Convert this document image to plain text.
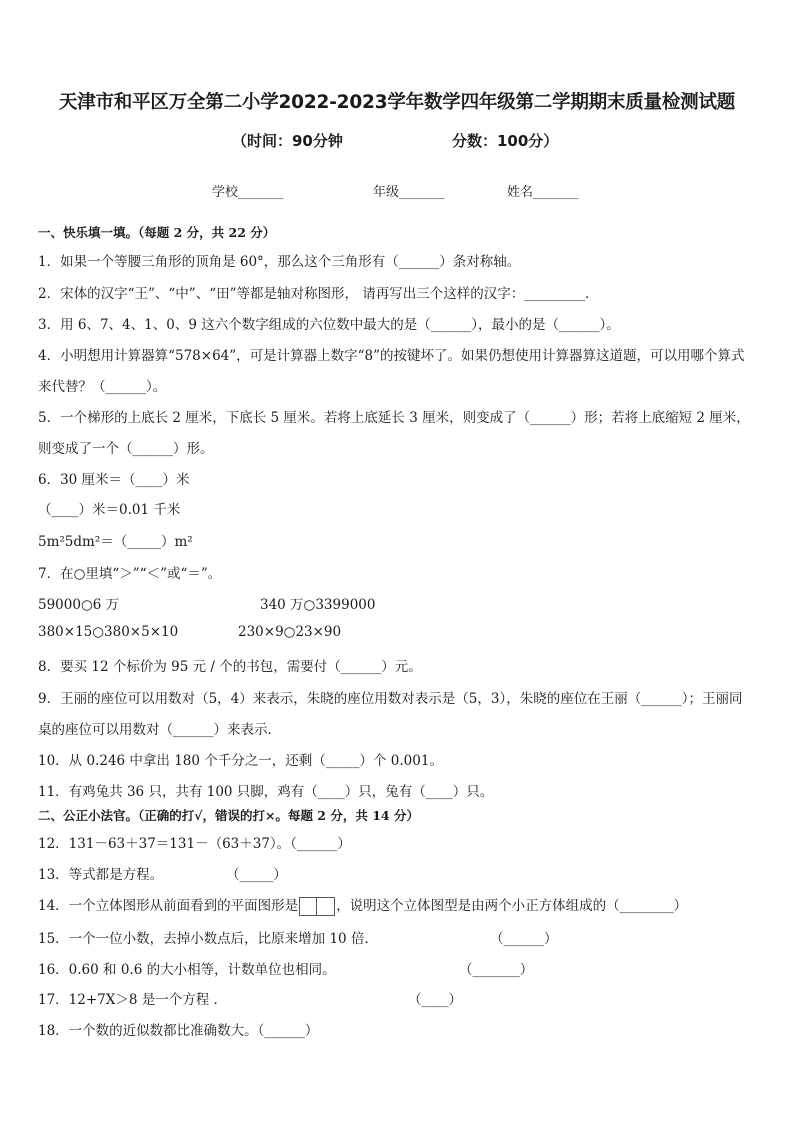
天津市和平区万全第二小学2022-2023学年数学四年级第二学期期末质量检测试题
（时间：90分钟	分数：100分）
学校_______	年级_______	姓名_______
一、快乐填一填。（每题 2 分，共 22 分）
1．如果一个等腰三角形的顶角是 60°，那么这个三角形有（______）条对称轴。
2．宋体的汉字“王”、“中”、“田”等都是轴对称图形， 请再写出三个这样的汉字：_________．
3．用 6、7、4、1、0、9 这六个数字组成的六位数中最大的是（______），最小的是（______）。
4．小明想用计算器算“578×64”，可是计算器上数字“8”的按键坏了。如果仍想使用计算器算这道题，可以用哪个算式
来代替？（______）。
5．一个梯形的上底长 2 厘米，下底长 5 厘米。若将上底延长 3 厘米，则变成了（______）形；若将上底缩短 2 厘米，
则变成了一个（______）形。
6．30 厘米＝（____）米
（____）米＝0.01 千米
5m²5dm²＝（_____）m²
7．在○里填“＞”“＜”或“＝”。
59000○6 万	340 万○3399000
380×15○380×5×10	230×9○23×90
8．要买 12 个标价为 95 元 / 个的书包，需要付（______）元。
9．王丽的座位可以用数对（5，4）来表示，朱晓的座位用数对表示是（5，3），朱晓的座位在王丽（______）；王丽同
桌的座位可以用数对（______）来表示．
10．从 0.246 中拿出 180 个千分之一，还剩（_____）个 0.001。
11．有鸡兔共 36 只，共有 100 只脚，鸡有（____）只，兔有（____）只。
二、公正小法官。（正确的打√，错误的打×。每题 2 分，共 14 分）
12．131－63＋37＝131－（63＋37）。（______）
13．等式都是方程。	（_____）
14．一个立体图形从前面看到的平面图形是	，说明这个立体图型是由两个小正方体组成的（________）
15．一个一位小数，去掉小数点后，比原来增加 10 倍．	（______）
16．0.60 和 0.6 的大小相等，计数单位也相同。	（_______）
17．12+7X＞8 是一个方程 ．	（____）
18．一个数的近似数都比准确数大。（______）
